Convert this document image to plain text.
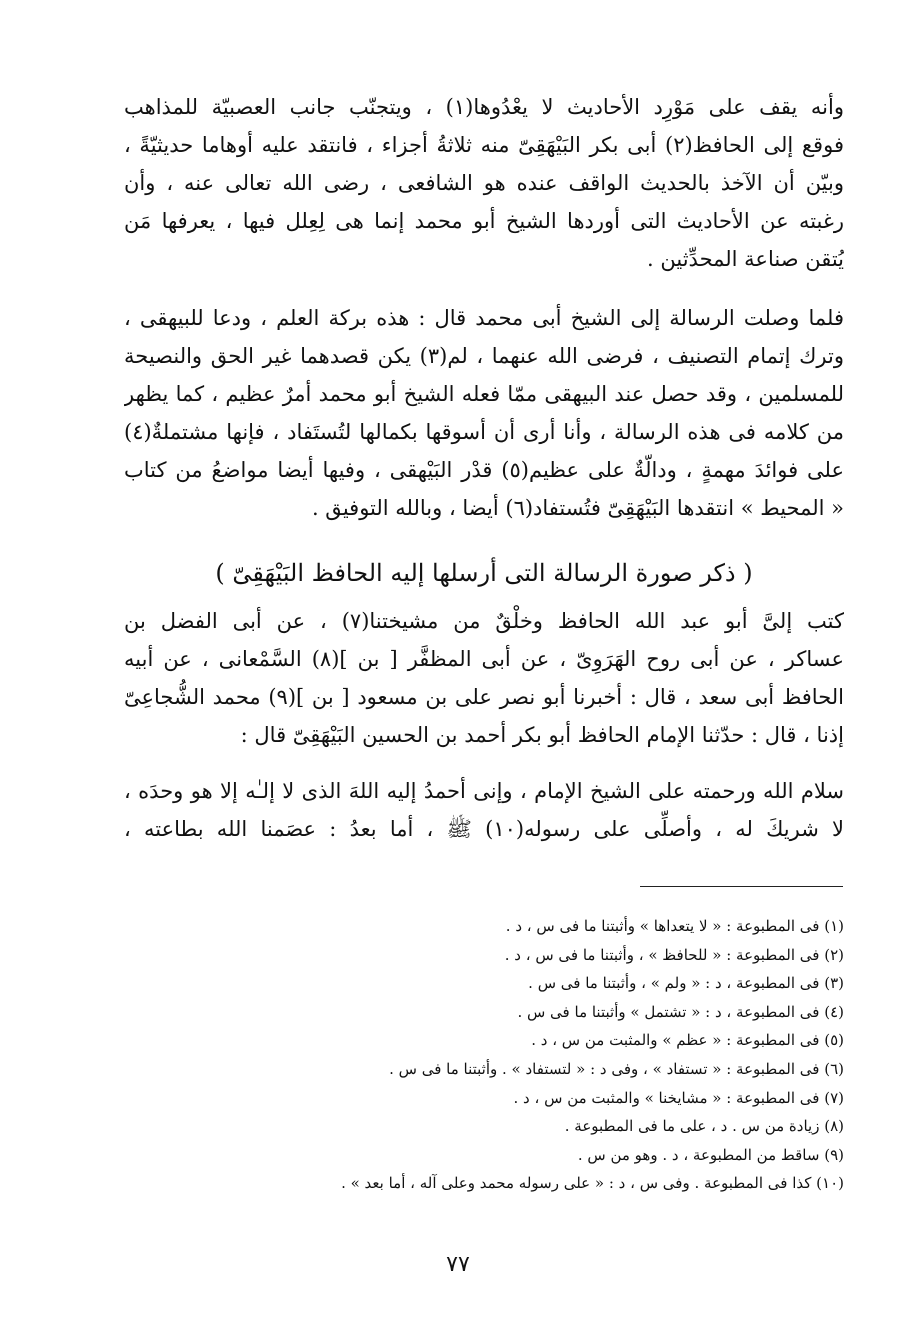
وأنه يقف على مَوْرِد الأحاديث لا يعْدُوها(١) ، ويتجنّب جانب العصبيّة للمذاهب
فوقع إلى الحافظ(٢) أبى بكر البَيْهَقِىّ منه ثلاثةُ أجزاء ، فانتقد عليه أوهاما حديثيّةً ،
وبيّن أن الآخذ بالحديث الواقف عنده هو الشافعى ، رضى الله تعالى عنه ، وأن
رغبته عن الأحاديث التى أوردها الشيخ أبو محمد إنما هى لِعِلل فيها ، يعرفها مَن
يُتقن صناعة المحدِّثين .
فلما وصلت الرسالة إلى الشيخ أبى محمد قال : هذه بركة العلم ، ودعا للبيهقى ،
وترك إتمام التصنيف ، فرضى الله عنهما ، لم(٣) يكن قصدهما غير الحق والنصيحة
للمسلمين ، وقد حصل عند البيهقى ممّا فعله الشيخ أبو محمد أمرٌ عظيم ، كما يظهر
من كلامه فى هذه الرسالة ، وأنا أرى أن أسوقها بكمالها لتُستَفاد ، فإنها مشتملةٌ(٤)
على فوائدَ مهمةٍ ، ودالّةٌ على عظيم(٥) قدْر البَيْهقى ، وفيها أيضا مواضعُ من كتاب
« المحيط » انتقدها البَيْهَقِىّ فتُستفاد(٦) أيضا ، وبالله التوفيق .
( ذكر صورة الرسالة التى أرسلها إليه الحافظ البَيْهَقِىّ )
كتب إلىَّ أبو عبد الله الحافظ وخلْقٌ من مشيختنا(٧) ، عن أبى الفضل بن
عساكر ، عن أبى روح الهَرَوِىّ ، عن أبى المظفَّر [ بن ](٨) السَّمْعانى ، عن أبيه
الحافظ أبى سعد ، قال : أخبرنا أبو نصر على بن مسعود [ بن ](٩) محمد الشُّجاعِىّ
إذنا ، قال : حدّثنا الإمام الحافظ أبو بكر أحمد بن الحسين البَيْهَقِىّ قال :
سلام الله ورحمته على الشيخ الإمام ، وإنى أحمدُ إليه اللهَ الذى لا إلـٰه إلا هو وحدَه ،
لا شريكَ له ، وأصلِّى على رسوله(١٠) ﷺ ، أما بعدُ : عصَمنا الله بطاعته ،
(١) فى المطبوعة : « لا يتعداها » وأثبتنا ما فى س ، د .
(٢) فى المطبوعة : « للحافظ » ، وأثبتنا ما فى س ، د .
(٣) فى المطبوعة ، د : « ولم » ، وأثبتنا ما فى س .
(٤) فى المطبوعة ، د : « تشتمل » وأثبتنا ما فى س .
(٥) فى المطبوعة : « عظم » والمثبت من س ، د .
(٦) فى المطبوعة : « تستفاد » ، وفى د : « لتستفاد » . وأثبتنا ما فى س .
(٧) فى المطبوعة : « مشايخنا » والمثبت من س ، د .
(٨) زيادة من س . د ، على ما فى المطبوعة .
(٩) ساقط من المطبوعة ، د . وهو من س .
(١٠) كذا فى المطبوعة . وفى س ، د : « على رسوله محمد وعلى آله ، أما بعد » .
٧٧
